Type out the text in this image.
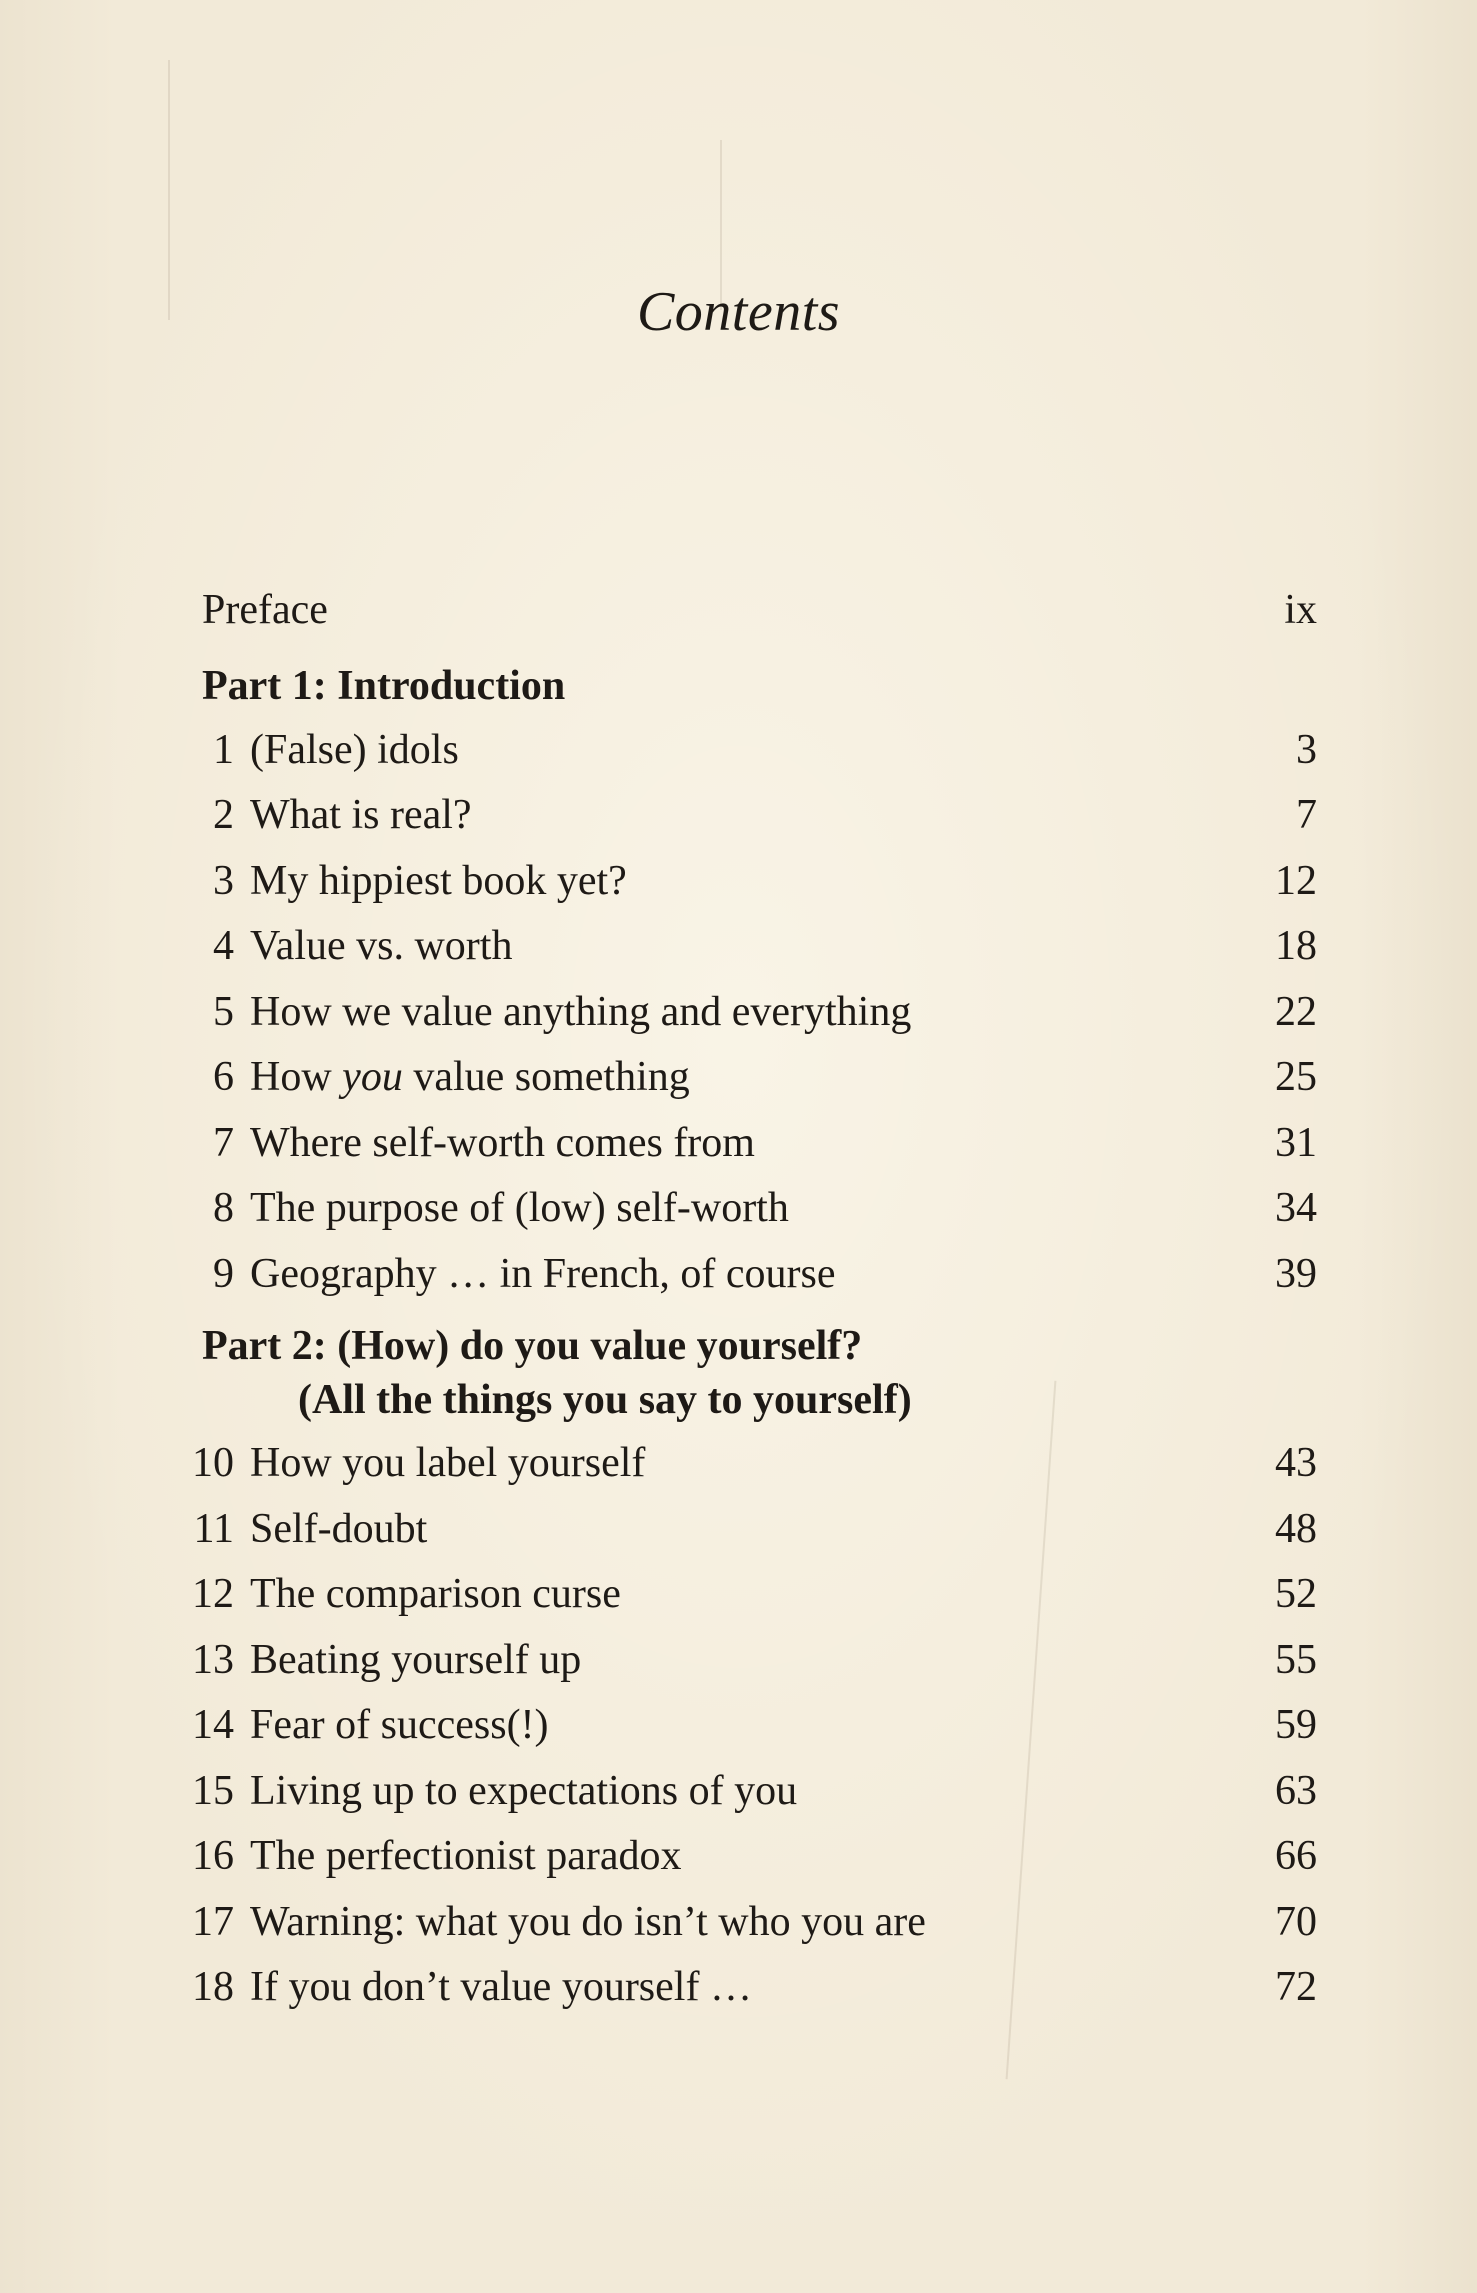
Contents
Preface	ix
Part 1: Introduction
1 (False) idols	3
2 What is real?	7
3 My hippiest book yet?	12
4 Value vs. worth	18
5 How we value anything and everything	22
6 How you value something	25
7 Where self-worth comes from	31
8 The purpose of (low) self-worth	34
9 Geography … in French, of course	39
Part 2: (How) do you value yourself?
(All the things you say to yourself)
10 How you label yourself	43
11 Self-doubt	48
12 The comparison curse	52
13 Beating yourself up	55
14 Fear of success(!)	59
15 Living up to expectations of you	63
16 The perfectionist paradox	66
17 Warning: what you do isn’t who you are	70
18 If you don’t value yourself …	72
